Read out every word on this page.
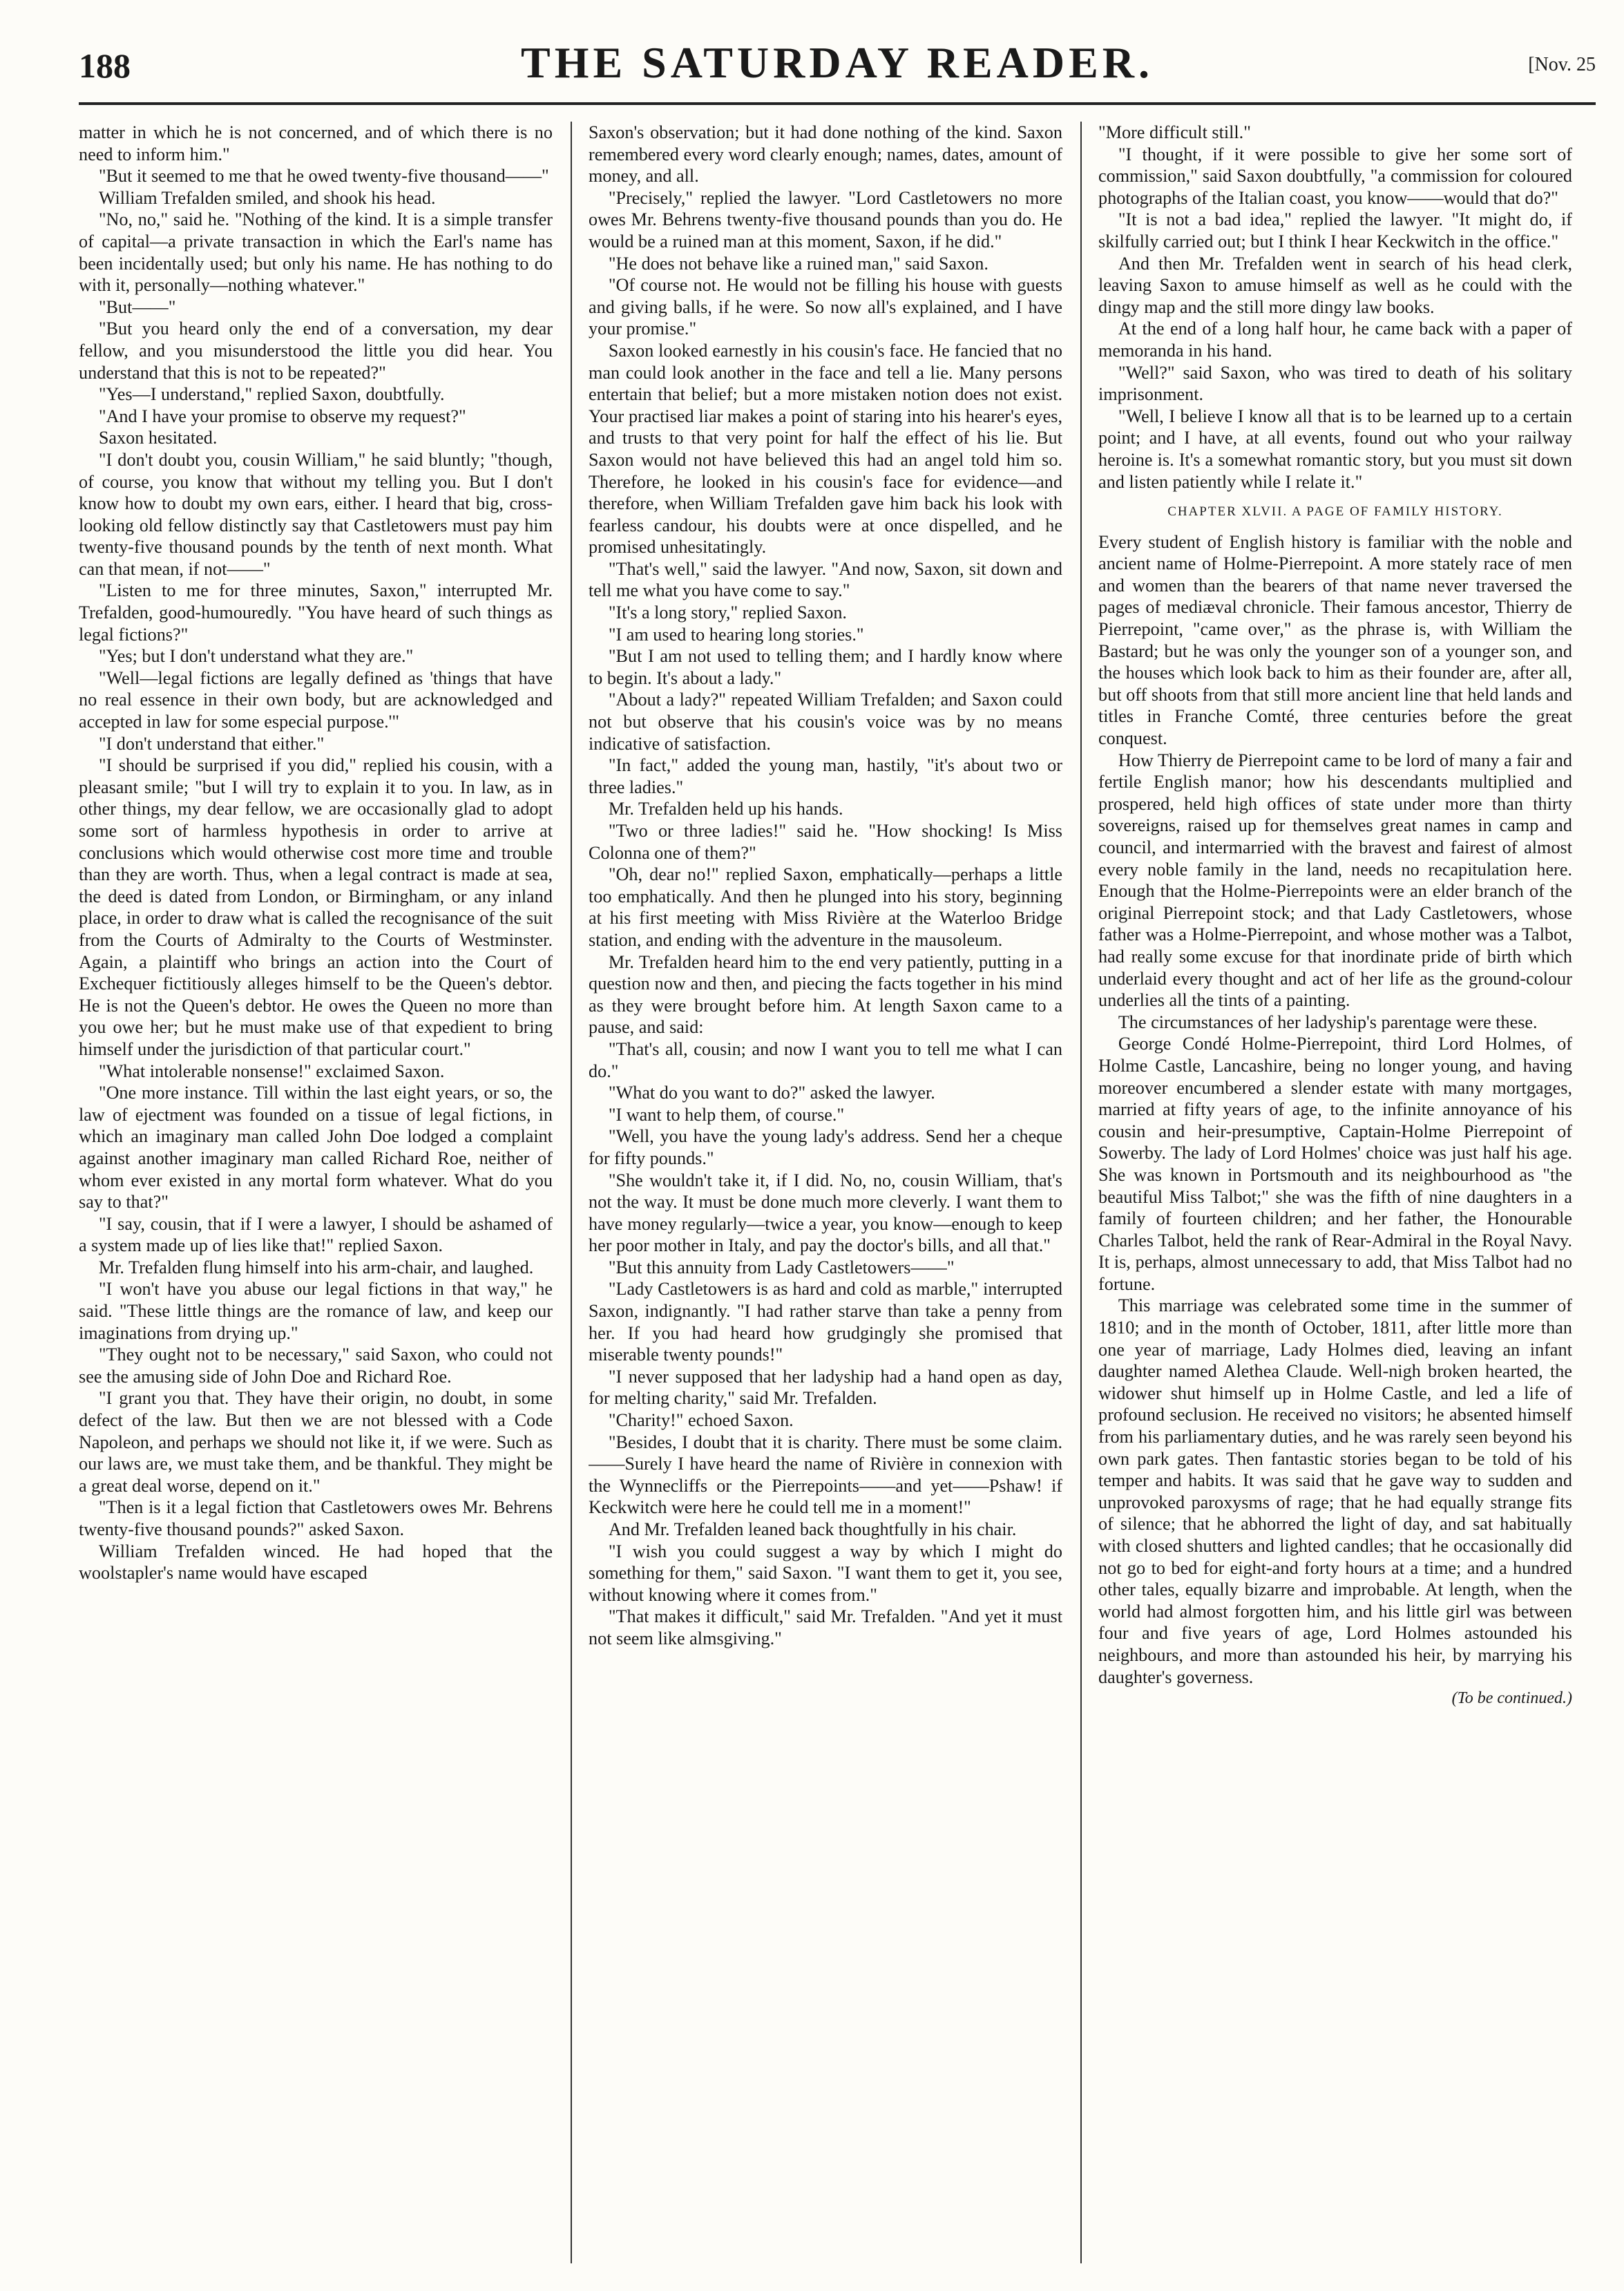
188	THE SATURDAY READER.	[Nov. 25

matter in which he is not concerned, and of which there is no need to inform him."

"But it seemed to me that he owed twenty-five thousand——"

William Trefalden smiled, and shook his head.

"No, no," said he. "Nothing of the kind. It is a simple transfer of capital—a private transaction in which the Earl's name has been incidentally used; but only his name. He has nothing to do with it, personally—nothing whatever."

"But——"

"But you heard only the end of a conversation, my dear fellow, and you misunderstood the little you did hear. You understand that this is not to be repeated?"

"Yes—I understand," replied Saxon, doubtfully.

"And I have your promise to observe my request?"

Saxon hesitated.

"I don't doubt you, cousin William," he said bluntly; "though, of course, you know that without my telling you. But I don't know how to doubt my own ears, either. I heard that big, cross-looking old fellow distinctly say that Castletowers must pay him twenty-five thousand pounds by the tenth of next month. What can that mean, if not——"

"Listen to me for three minutes, Saxon," interrupted Mr. Trefalden, good-humouredly. "You have heard of such things as legal fictions?"

"Yes; but I don't understand what they are."

"Well—legal fictions are legally defined as 'things that have no real essence in their own body, but are acknowledged and accepted in law for some especial purpose.'"

"I don't understand that either."

"I should be surprised if you did," replied his cousin, with a pleasant smile; "but I will try to explain it to you. In law, as in other things, my dear fellow, we are occasionally glad to adopt some sort of harmless hypothesis in order to arrive at conclusions which would otherwise cost more time and trouble than they are worth. Thus, when a legal contract is made at sea, the deed is dated from London, or Birmingham, or any inland place, in order to draw what is called the recognisance of the suit from the Courts of Admiralty to the Courts of Westminster. Again, a plaintiff who brings an action into the Court of Exchequer fictitiously alleges himself to be the Queen's debtor. He is not the Queen's debtor. He owes the Queen no more than you owe her; but he must make use of that expedient to bring himself under the jurisdiction of that particular court."

"What intolerable nonsense!" exclaimed Saxon.

"One more instance. Till within the last eight years, or so, the law of ejectment was founded on a tissue of legal fictions, in which an imaginary man called John Doe lodged a complaint against another imaginary man called Richard Roe, neither of whom ever existed in any mortal form whatever. What do you say to that?"

"I say, cousin, that if I were a lawyer, I should be ashamed of a system made up of lies like that!" replied Saxon.

Mr. Trefalden flung himself into his arm-chair, and laughed.

"I won't have you abuse our legal fictions in that way," he said. "These little things are the romance of law, and keep our imaginations from drying up."

"They ought not to be necessary," said Saxon, who could not see the amusing side of John Doe and Richard Roe.

"I grant you that. They have their origin, no doubt, in some defect of the law. But then we are not blessed with a Code Napoleon, and perhaps we should not like it, if we were. Such as our laws are, we must take them, and be thankful. They might be a great deal worse, depend on it."

"Then is it a legal fiction that Castletowers owes Mr. Behrens twenty-five thousand pounds?" asked Saxon.

William Trefalden winced. He had hoped that the woolstapler's name would have escaped

Saxon's observation; but it had done nothing of the kind. Saxon remembered every word clearly enough; names, dates, amount of money, and all.

"Precisely," replied the lawyer. "Lord Castletowers no more owes Mr. Behrens twenty-five thousand pounds than you do. He would be a ruined man at this moment, Saxon, if he did."

"He does not behave like a ruined man," said Saxon.

"Of course not. He would not be filling his house with guests and giving balls, if he were. So now all's explained, and I have your promise."

Saxon looked earnestly in his cousin's face. He fancied that no man could look another in the face and tell a lie. Many persons entertain that belief; but a more mistaken notion does not exist. Your practised liar makes a point of staring into his hearer's eyes, and trusts to that very point for half the effect of his lie. But Saxon would not have believed this had an angel told him so. Therefore, he looked in his cousin's face for evidence—and therefore, when William Trefalden gave him back his look with fearless candour, his doubts were at once dispelled, and he promised unhesitatingly.

"That's well," said the lawyer. "And now, Saxon, sit down and tell me what you have come to say."

"It's a long story," replied Saxon.

"I am used to hearing long stories."

"But I am not used to telling them; and I hardly know where to begin. It's about a lady."

"About a lady?" repeated William Trefalden; and Saxon could not but observe that his cousin's voice was by no means indicative of satisfaction.

"In fact," added the young man, hastily, "it's about two or three ladies."

Mr. Trefalden held up his hands.

"Two or three ladies!" said he. "How shocking! Is Miss Colonna one of them?"

"Oh, dear no!" replied Saxon, emphatically—perhaps a little too emphatically. And then he plunged into his story, beginning at his first meeting with Miss Rivière at the Waterloo Bridge station, and ending with the adventure in the mausoleum.

Mr. Trefalden heard him to the end very patiently, putting in a question now and then, and piecing the facts together in his mind as they were brought before him. At length Saxon came to a pause, and said:

"That's all, cousin; and now I want you to tell me what I can do."

"What do you want to do?" asked the lawyer.

"I want to help them, of course."

"Well, you have the young lady's address. Send her a cheque for fifty pounds."

"She wouldn't take it, if I did. No, no, cousin William, that's not the way. It must be done much more cleverly. I want them to have money regularly—twice a year, you know—enough to keep her poor mother in Italy, and pay the doctor's bills, and all that."

"But this annuity from Lady Castletowers——"

"Lady Castletowers is as hard and cold as marble," interrupted Saxon, indignantly. "I had rather starve than take a penny from her. If you had heard how grudgingly she promised that miserable twenty pounds!"

"I never supposed that her ladyship had a hand open as day, for melting charity," said Mr. Trefalden.

"Charity!" echoed Saxon.

"Besides, I doubt that it is charity. There must be some claim.——Surely I have heard the name of Rivière in connexion with the Wynnecliffs or the Pierrepoints——and yet——Pshaw! if Keckwitch were here he could tell me in a moment!"

And Mr. Trefalden leaned back thoughtfully in his chair.

"I wish you could suggest a way by which I might do something for them," said Saxon. "I want them to get it, you see, without knowing where it comes from."

"That makes it difficult," said Mr. Trefalden. "And yet it must not seem like almsgiving."

"More difficult still."

"I thought, if it were possible to give her some sort of commission," said Saxon doubtfully, "a commission for coloured photographs of the Italian coast, you know——would that do?"

"It is not a bad idea," replied the lawyer. "It might do, if skilfully carried out; but I think I hear Keckwitch in the office."

And then Mr. Trefalden went in search of his head clerk, leaving Saxon to amuse himself as well as he could with the dingy map and the still more dingy law books.

At the end of a long half hour, he came back with a paper of memoranda in his hand.

"Well?" said Saxon, who was tired to death of his solitary imprisonment.

"Well, I believe I know all that is to be learned up to a certain point; and I have, at all events, found out who your railway heroine is. It's a somewhat romantic story, but you must sit down and listen patiently while I relate it."

CHAPTER XLVII. A PAGE OF FAMILY HISTORY.

Every student of English history is familiar with the noble and ancient name of Holme-Pierrepoint. A more stately race of men and women than the bearers of that name never traversed the pages of mediæval chronicle. Their famous ancestor, Thierry de Pierrepoint, "came over," as the phrase is, with William the Bastard; but he was only the younger son of a younger son, and the houses which look back to him as their founder are, after all, but off shoots from that still more ancient line that held lands and titles in Franche Comté, three centuries before the great conquest.

How Thierry de Pierrepoint came to be lord of many a fair and fertile English manor; how his descendants multiplied and prospered, held high offices of state under more than thirty sovereigns, raised up for themselves great names in camp and council, and intermarried with the bravest and fairest of almost every noble family in the land, needs no recapitulation here. Enough that the Holme-Pierrepoints were an elder branch of the original Pierrepoint stock; and that Lady Castletowers, whose father was a Holme-Pierrepoint, and whose mother was a Talbot, had really some excuse for that inordinate pride of birth which underlaid every thought and act of her life as the ground-colour underlies all the tints of a painting.

The circumstances of her ladyship's parentage were these.

George Condé Holme-Pierrepoint, third Lord Holmes, of Holme Castle, Lancashire, being no longer young, and having moreover encumbered a slender estate with many mortgages, married at fifty years of age, to the infinite annoyance of his cousin and heir-presumptive, Captain-Holme Pierrepoint of Sowerby. The lady of Lord Holmes' choice was just half his age. She was known in Portsmouth and its neighbourhood as "the beautiful Miss Talbot;" she was the fifth of nine daughters in a family of fourteen children; and her father, the Honourable Charles Talbot, held the rank of Rear-Admiral in the Royal Navy. It is, perhaps, almost unnecessary to add, that Miss Talbot had no fortune.

This marriage was celebrated some time in the summer of 1810; and in the month of October, 1811, after little more than one year of marriage, Lady Holmes died, leaving an infant daughter named Alethea Claude. Well-nigh broken hearted, the widower shut himself up in Holme Castle, and led a life of profound seclusion. He received no visitors; he absented himself from his parliamentary duties, and he was rarely seen beyond his own park gates. Then fantastic stories began to be told of his temper and habits. It was said that he gave way to sudden and unprovoked paroxysms of rage; that he had equally strange fits of silence; that he abhorred the light of day, and sat habitually with closed shutters and lighted candles; that he occasionally did not go to bed for eight-and forty hours at a time; and a hundred other tales, equally bizarre and improbable. At length, when the world had almost forgotten him, and his little girl was between four and five years of age, Lord Holmes astounded his neighbours, and more than astounded his heir, by marrying his daughter's governess.

(To be continued.)
